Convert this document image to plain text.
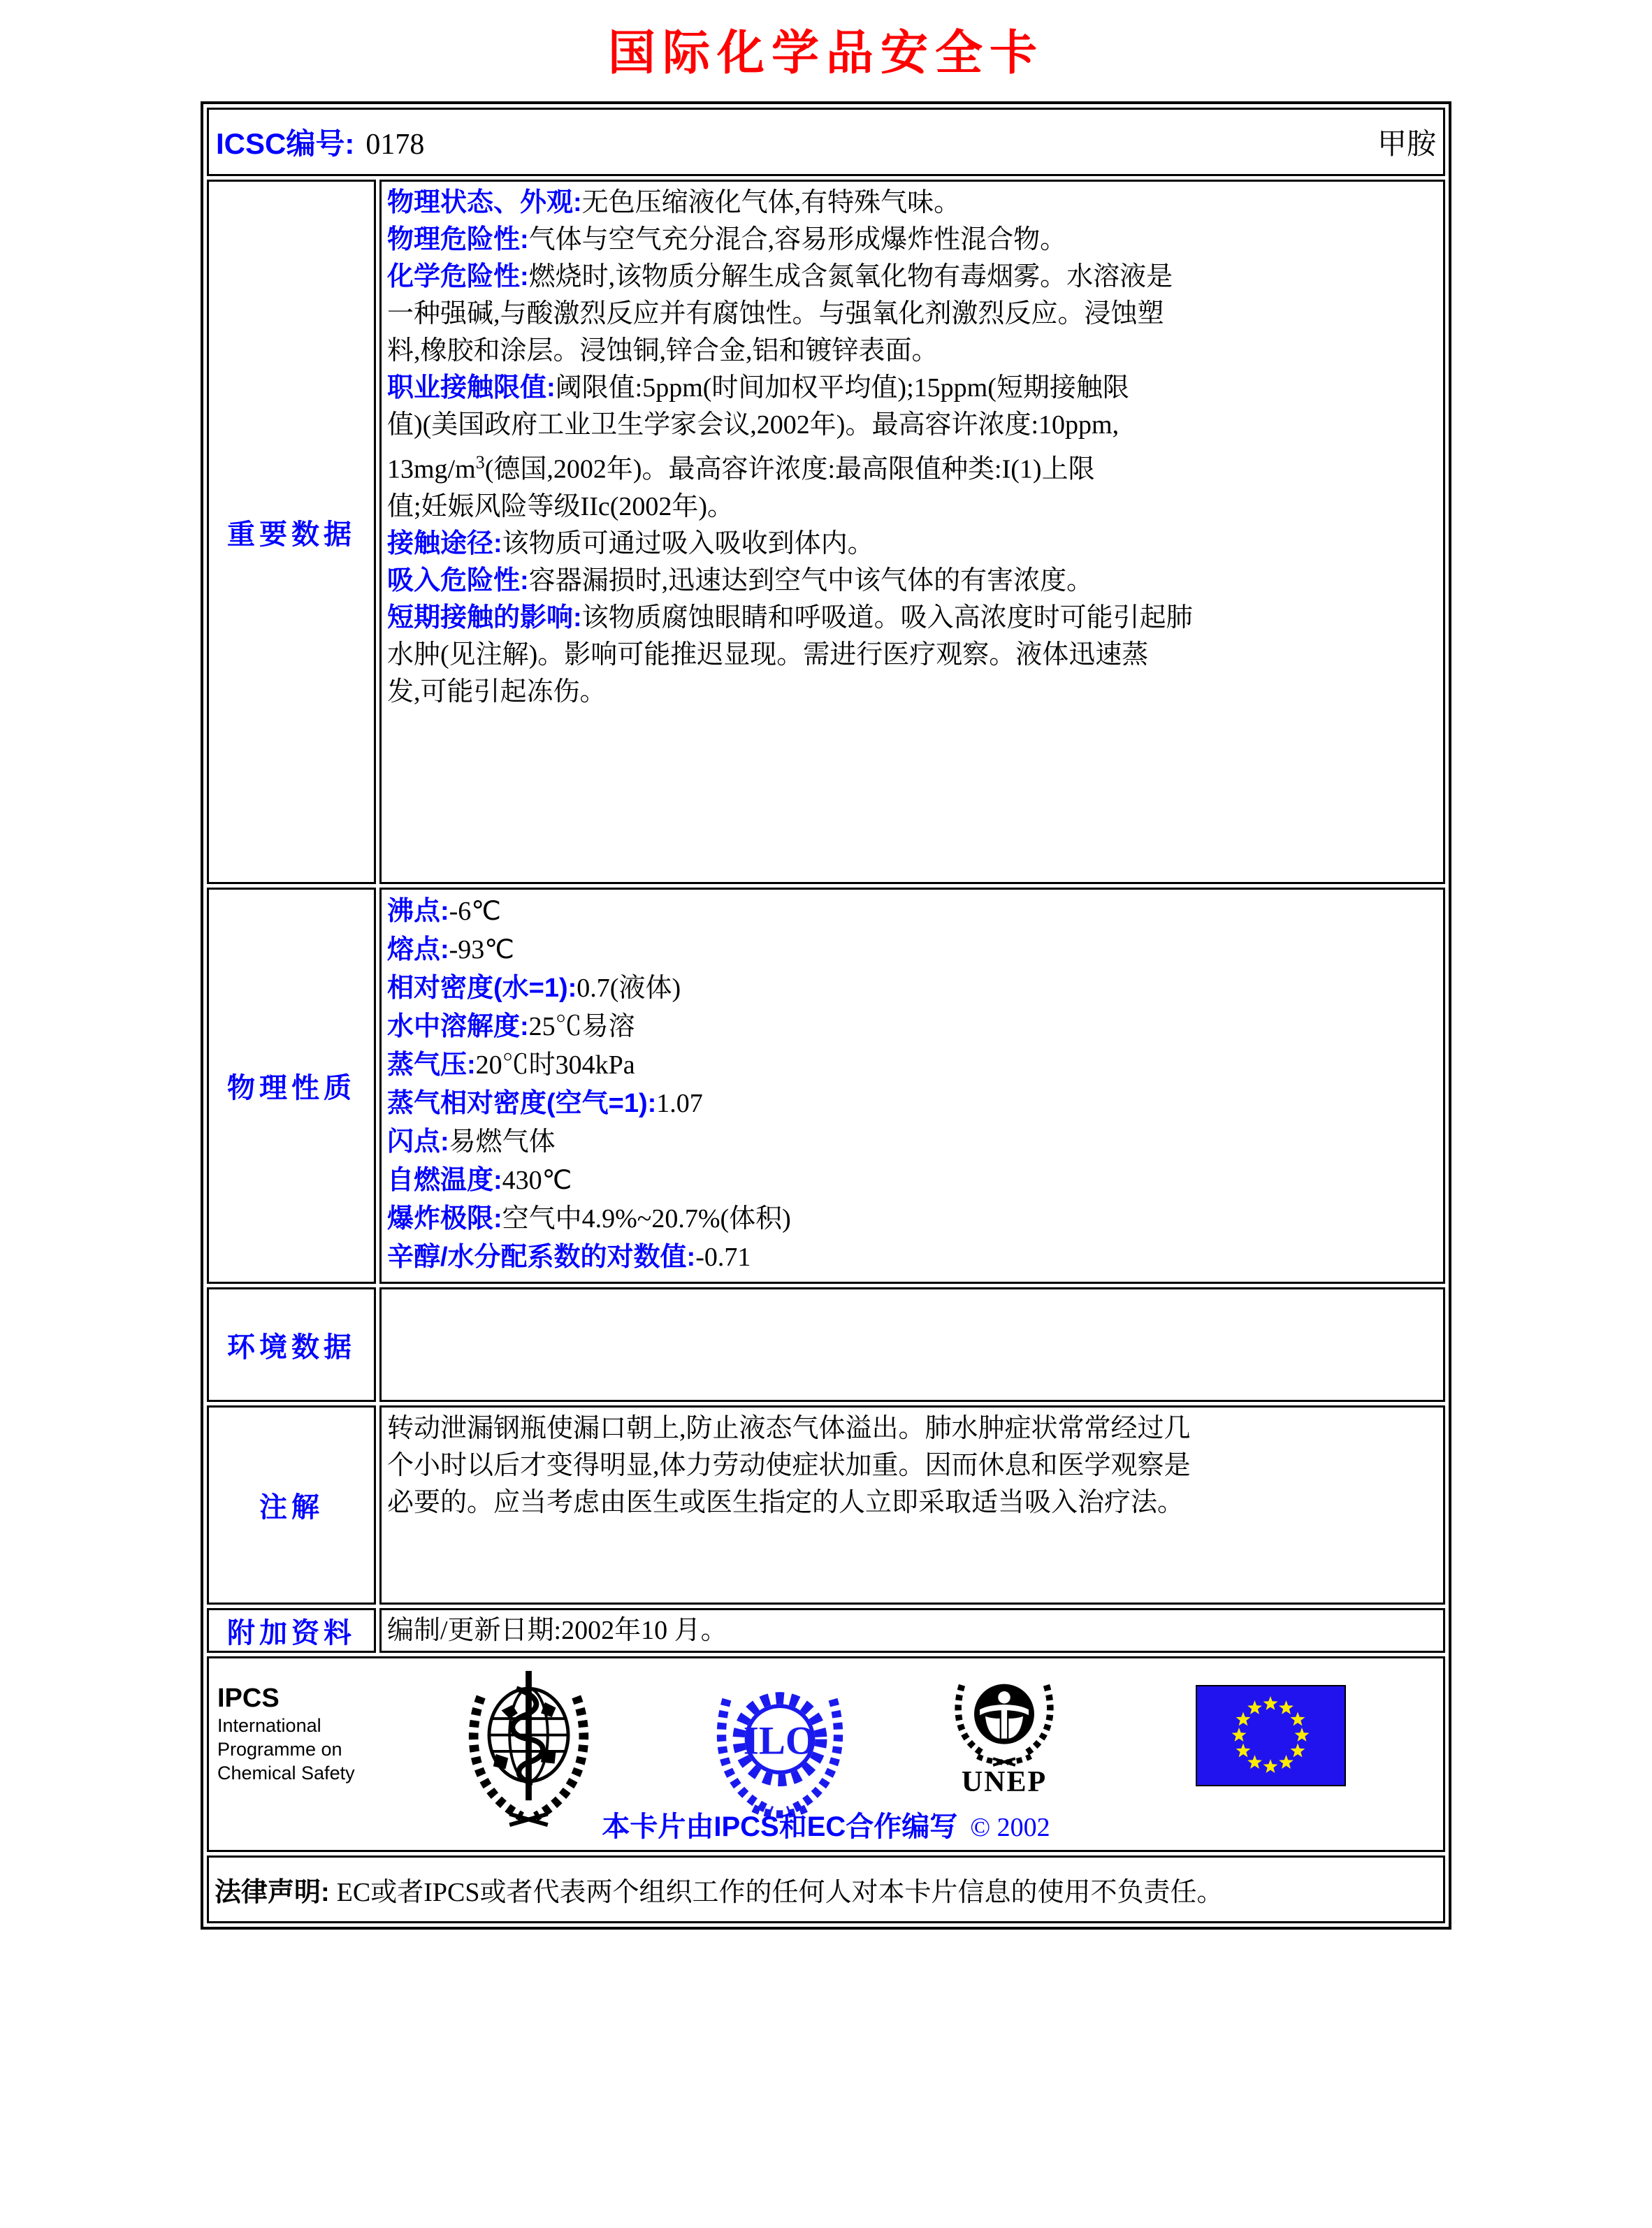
国际化学品安全卡
ICSC编号: 0178	甲胺
重要数据
物理状态、外观:无色压缩液化气体,有特殊气味。
物理危险性:气体与空气充分混合,容易形成爆炸性混合物。
化学危险性:燃烧时,该物质分解生成含氮氧化物有毒烟雾。水溶液是
一种强碱,与酸激烈反应并有腐蚀性。与强氧化剂激烈反应。浸蚀塑
料,橡胶和涂层。浸蚀铜,锌合金,铝和镀锌表面。
职业接触限值:阈限值:5ppm(时间加权平均值);15ppm(短期接触限
值)(美国政府工业卫生学家会议,2002年)。最高容许浓度:10ppm,
$13mg/m^3$(德国,2002年)。最高容许浓度:最高限值种类:I(1)上限
值;妊娠风险等级IIc(2002年)。
接触途径:该物质可通过吸入吸收到体内。
吸入危险性:容器漏损时,迅速达到空气中该气体的有害浓度。
短期接触的影响:该物质腐蚀眼睛和呼吸道。吸入高浓度时可能引起肺
水肿(见注解)。影响可能推迟显现。需进行医疗观察。液体迅速蒸
发,可能引起冻伤。
物理性质
沸点:-6℃
熔点:-93℃
相对密度(水=1):0.7(液体)
水中溶解度:25℃易溶
蒸气压:20℃时304kPa
蒸气相对密度(空气=1):1.07
闪点:易燃气体
自燃温度:430℃
爆炸极限:空气中4.9%~20.7%(体积)
辛醇/水分配系数的对数值:-0.71
环境数据
注解
转动泄漏钢瓶使漏口朝上,防止液态气体溢出。肺水肿症状常常经过几
个小时以后才变得明显,体力劳动使症状加重。因而休息和医学观察是
必要的。应当考虑由医生或医生指定的人立即采取适当吸入治疗法。
附加资料 编制/更新日期:2002年10 月。
IPCS
International
Programme on
Chemical Safety
ILO
UNEP
本卡片由IPCS和EC合作编写 © 2002
法律声明: EC或者IPCS或者代表两个组织工作的任何人对本卡片信息的使用不负责任。
